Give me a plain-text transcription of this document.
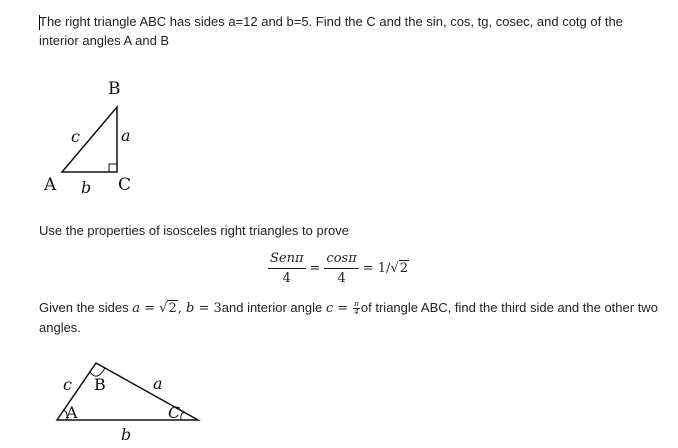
The right triangle ABC has sides a=12 and b=5. Find the C and the sin, cos, tg, cosec, and cotg of the interior angles A and B
B
c	a
A b C
Use the properties of isosceles right triangles to prove
$\frac{\text{Senπ}}{4} = \frac{\cos\pi}{4} = 1/$ √ 2
Given the sides a = √2, b = 3and interior angle $c = \frac{\pi}{4}$ of triangle ABC, find the third side and the other two angles.
c B	a
A	C
b
